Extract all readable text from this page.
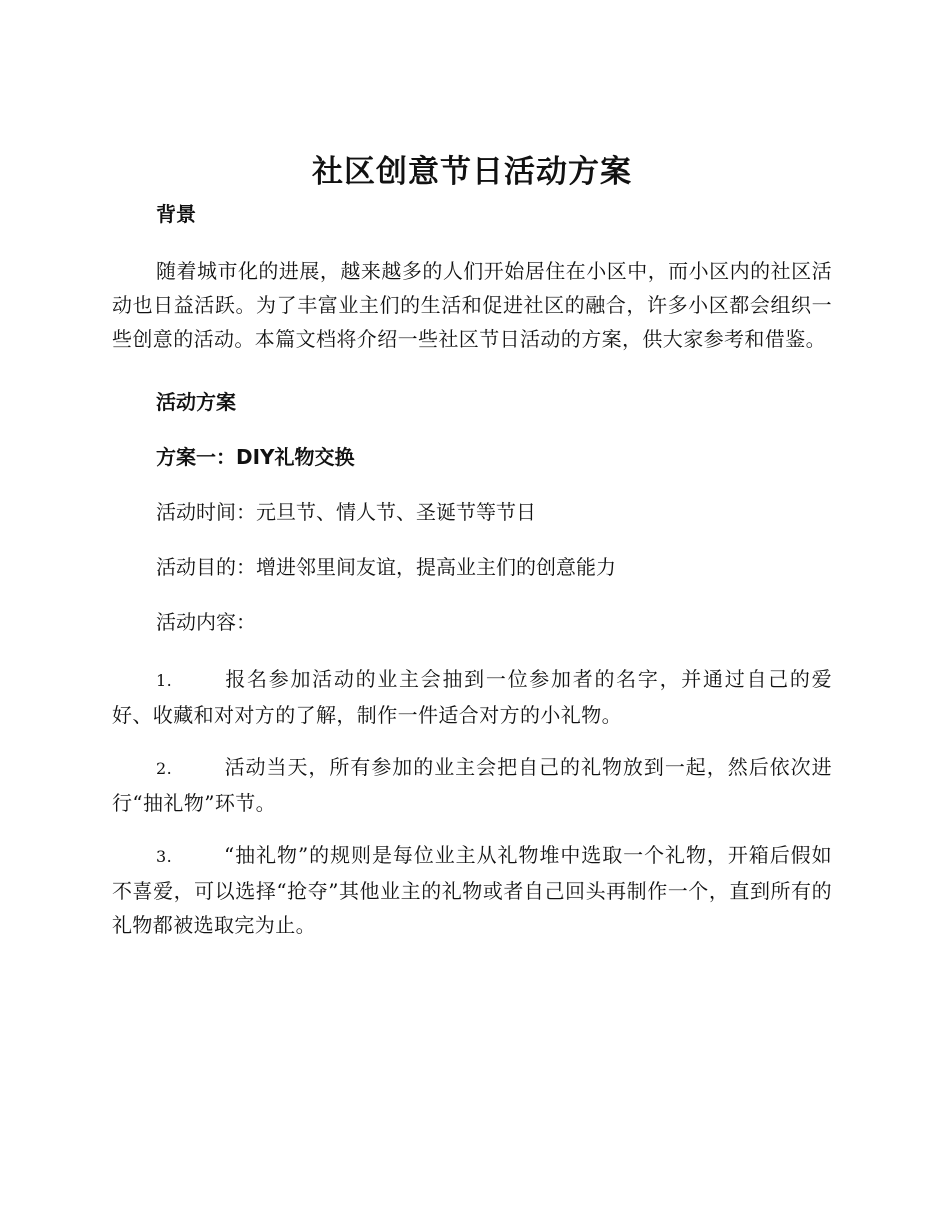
社区创意节日活动方案
背景

随着城市化的进展，越来越多的人们开始居住在小区中，而小区内的社区活动也日益活跃。为了丰富业主们的生活和促进社区的融合，许多小区都会组织一些创意的活动。本篇文档将介绍一些社区节日活动的方案，供大家参考和借鉴。

活动方案
方案一：DIY礼物交换

活动时间：元旦节、情人节、圣诞节等节日

活动目的：增进邻里间友谊，提高业主们的创意能力

活动内容：

1.	报名参加活动的业主会抽到一位参加者的名字，并通过自己的爱好、收藏和对对方的了解，制作一件适合对方的小礼物。

2.	活动当天，所有参加的业主会把自己的礼物放到一起，然后依次进行“抽礼物”环节。

3.	“抽礼物”的规则是每位业主从礼物堆中选取一个礼物，开箱后假如不喜爱，可以选择“抢夺”其他业主的礼物或者自己回头再制作一个，直到所有的礼物都被选取完为止。
